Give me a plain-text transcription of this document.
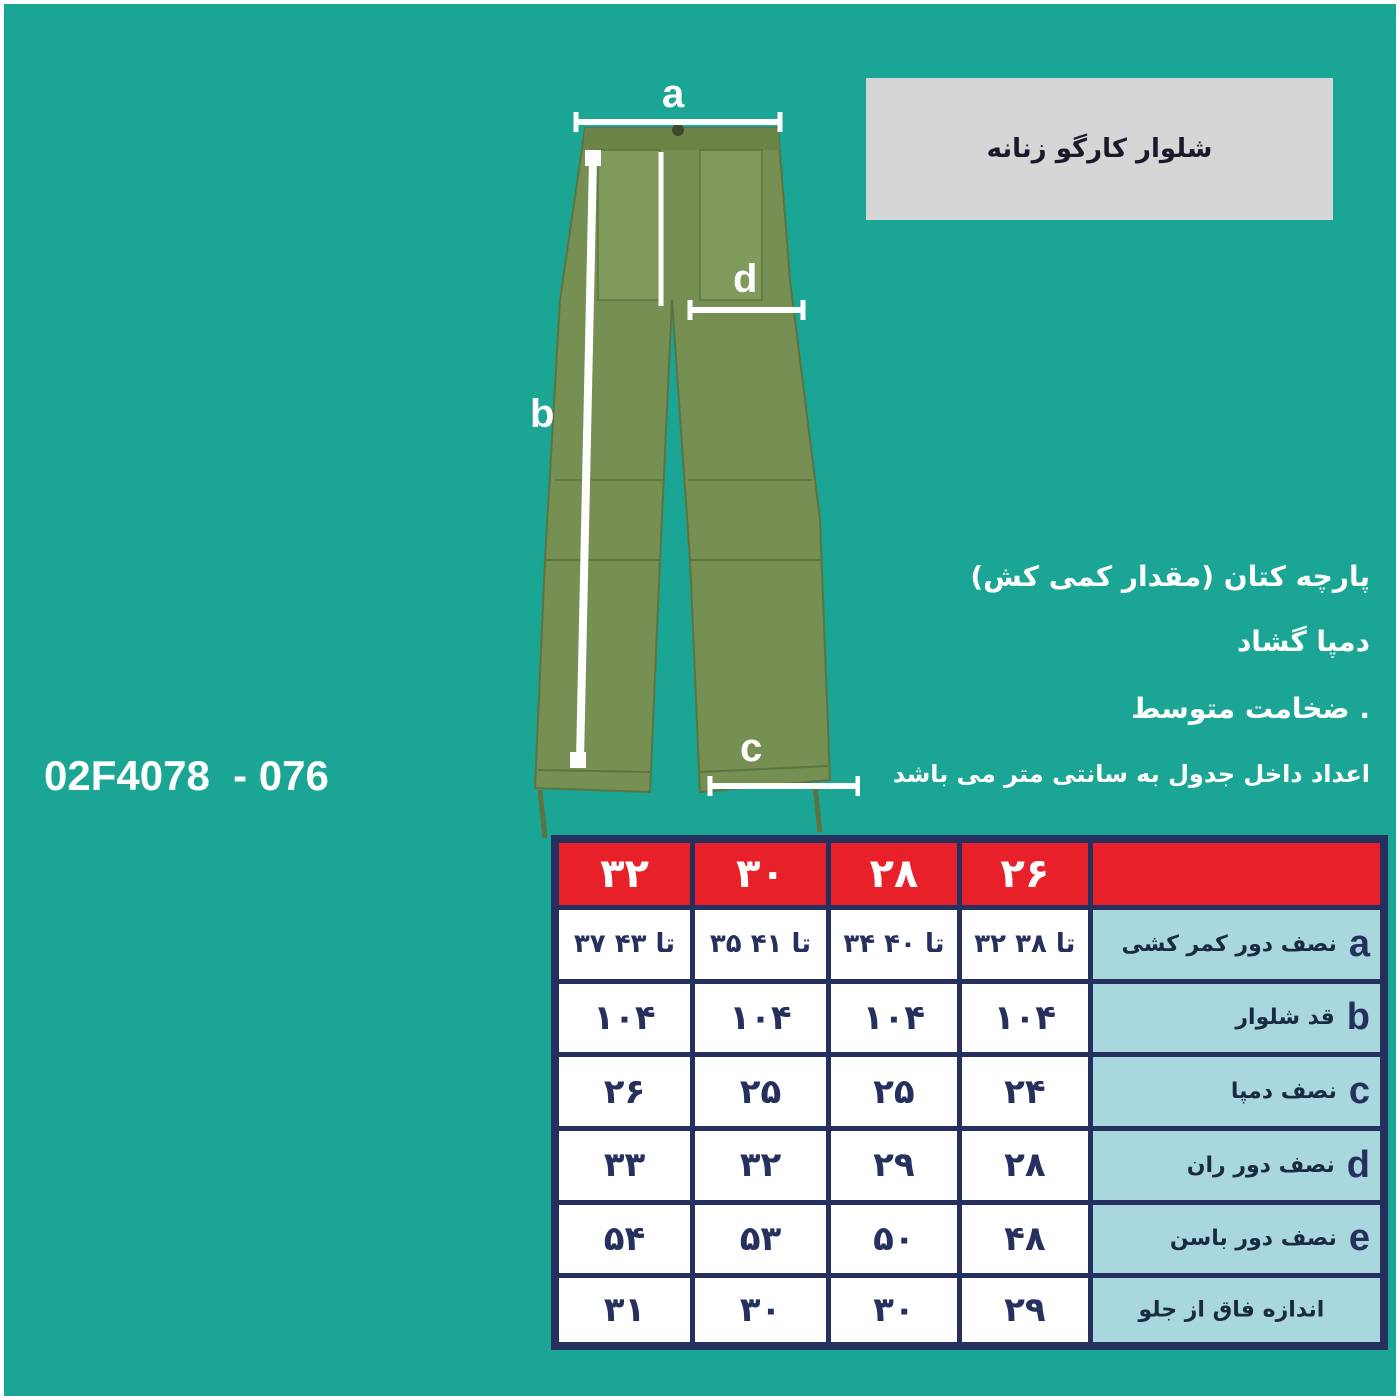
شلوار کارگو زنانه
پارچه کتان (مقدار کمی کش)
دمپا گشاد
. ضخامت متوسط
اعداد داخل جدول به سانتی متر می باشد
02F4078  - 076
a
b
c
d
۳۲	۳۰	۲۸	۲۶	
۳۷ تا ۴۳	۳۵ تا ۴۱	۳۴ تا ۴۰	۳۲ تا ۳۸	aنصف دور کمر کشی
۱۰۴	۱۰۴	۱۰۴	۱۰۴	bقد شلوار
۲۶	۲۵	۲۵	۲۴	cنصف دمپا
۳۳	۳۲	۲۹	۲۸	dنصف دور ران
۵۴	۵۳	۵۰	۴۸	eنصف دور باسن
۳۱	۳۰	۳۰	۲۹	اندازه فاق از جلو
